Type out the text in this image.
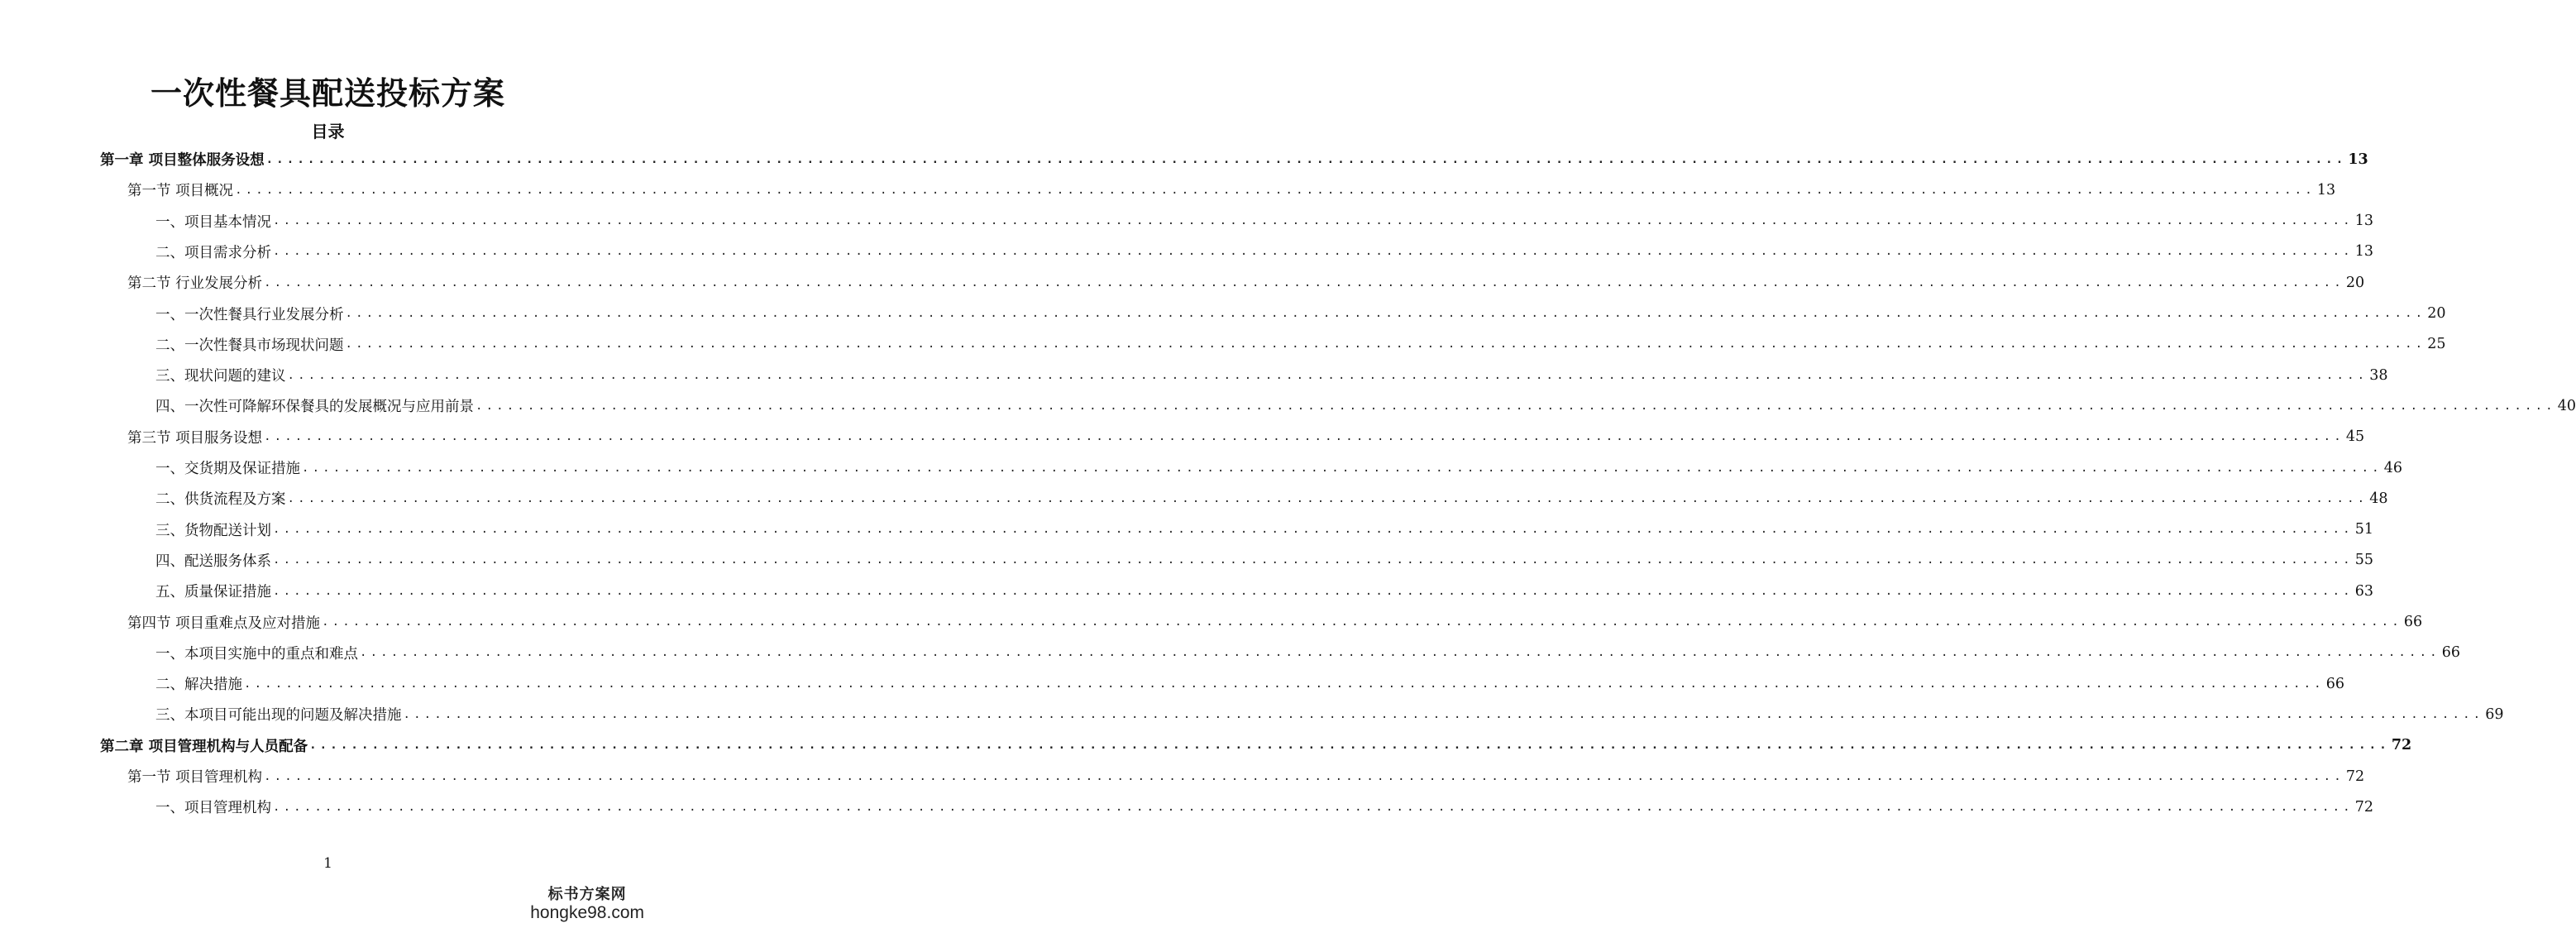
一次性餐具配送投标方案
目录
第一章 项目整体服务设想 ........................................................................................................................................................................................................ 13
第一节 项目概况 ........................................................................................................................................................................................................ 13
一、项目基本情况 ........................................................................................................................................................................................................ 13
二、项目需求分析 ........................................................................................................................................................................................................ 13
第二节 行业发展分析 ........................................................................................................................................................................................................ 20
一、一次性餐具行业发展分析 ........................................................................................................................................................................................................ 20
二、一次性餐具市场现状问题 ........................................................................................................................................................................................................ 25
三、现状问题的建议 ........................................................................................................................................................................................................ 38
四、一次性可降解环保餐具的发展概况与应用前景 ........................................................................................................................................................................................................ 40
第三节 项目服务设想 ........................................................................................................................................................................................................ 45
一、交货期及保证措施 ........................................................................................................................................................................................................ 46
二、供货流程及方案 ........................................................................................................................................................................................................ 48
三、货物配送计划 ........................................................................................................................................................................................................ 51
四、配送服务体系 ........................................................................................................................................................................................................ 55
五、质量保证措施 ........................................................................................................................................................................................................ 63
第四节 项目重难点及应对措施 ........................................................................................................................................................................................................ 66
一、本项目实施中的重点和难点 ........................................................................................................................................................................................................ 66
二、解决措施 ........................................................................................................................................................................................................ 66
三、本项目可能出现的问题及解决措施 ........................................................................................................................................................................................................ 69
第二章 项目管理机构与人员配备 ........................................................................................................................................................................................................ 72
第一节 项目管理机构 ........................................................................................................................................................................................................ 72
一、项目管理机构 ........................................................................................................................................................................................................ 72
1
标书方案网
hongke98.com
